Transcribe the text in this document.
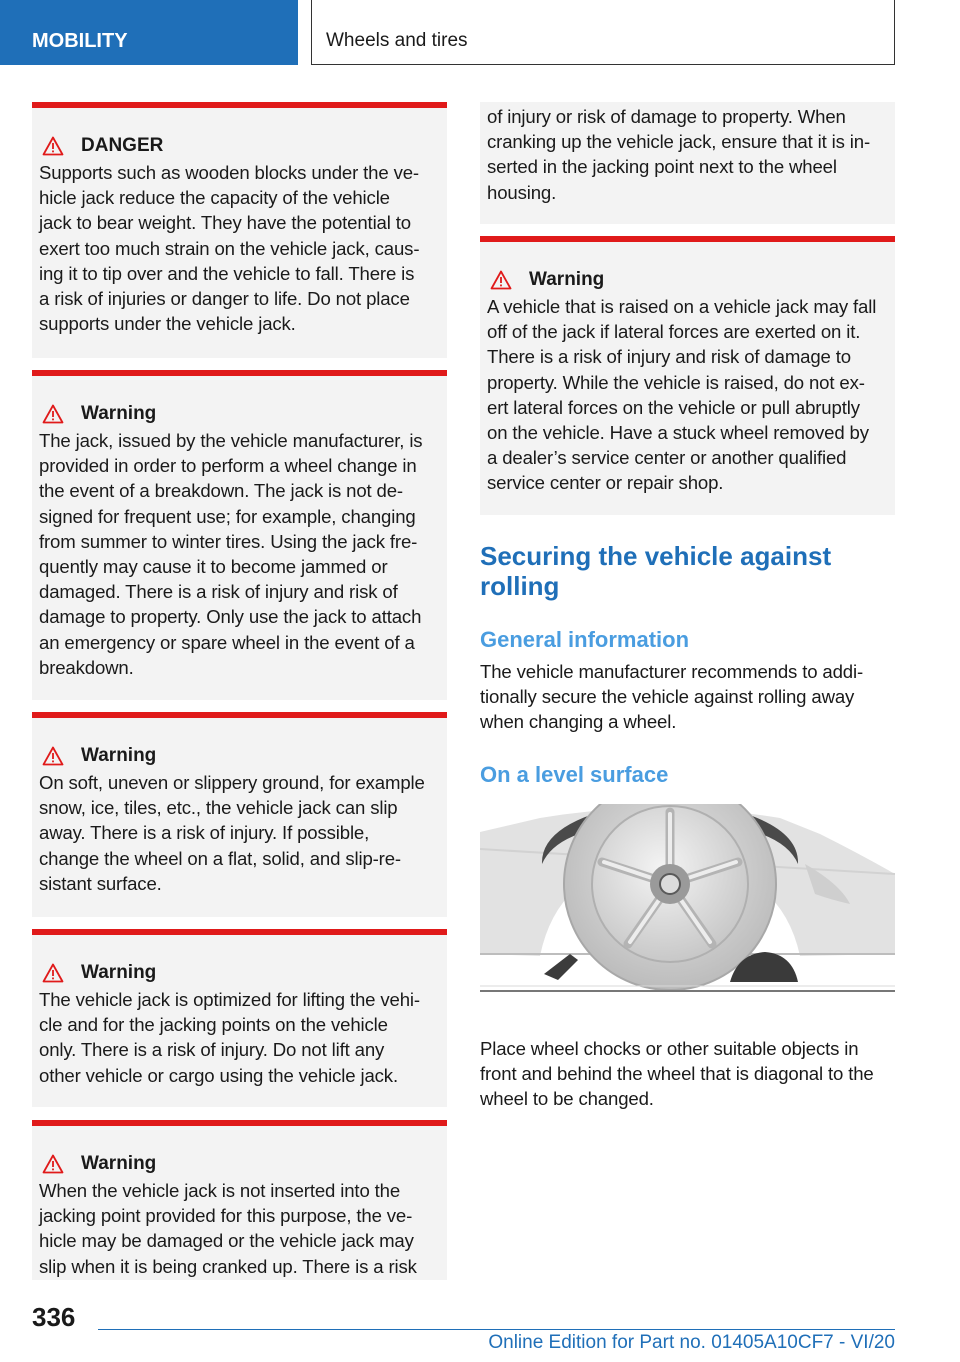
MOBILITY	Wheels and tires
DANGER
Supports such as wooden blocks under the ve-
hicle jack reduce the capacity of the vehicle
jack to bear weight. They have the potential to
exert too much strain on the vehicle jack, caus-
ing it to tip over and the vehicle to fall. There is
a risk of injuries or danger to life. Do not place
supports under the vehicle jack.
Warning
The jack, issued by the vehicle manufacturer, is
provided in order to perform a wheel change in
the event of a breakdown. The jack is not de-
signed for frequent use; for example, changing
from summer to winter tires. Using the jack fre-
quently may cause it to become jammed or
damaged. There is a risk of injury and risk of
damage to property. Only use the jack to attach
an emergency or spare wheel in the event of a
breakdown.
Warning
On soft, uneven or slippery ground, for example
snow, ice, tiles, etc., the vehicle jack can slip
away. There is a risk of injury. If possible,
change the wheel on a flat, solid, and slip-re-
sistant surface.
Warning
The vehicle jack is optimized for lifting the vehi-
cle and for the jacking points on the vehicle
only. There is a risk of injury. Do not lift any
other vehicle or cargo using the vehicle jack.
Warning
When the vehicle jack is not inserted into the
jacking point provided for this purpose, the ve-
hicle may be damaged or the vehicle jack may
slip when it is being cranked up. There is a risk
of injury or risk of damage to property. When
cranking up the vehicle jack, ensure that it is in-
serted in the jacking point next to the wheel
housing.
Warning
A vehicle that is raised on a vehicle jack may fall
off of the jack if lateral forces are exerted on it.
There is a risk of injury and risk of damage to
property. While the vehicle is raised, do not ex-
ert lateral forces on the vehicle or pull abruptly
on the vehicle. Have a stuck wheel removed by
a dealer’s service center or another qualified
service center or repair shop.
Securing the vehicle against
rolling
General information
The vehicle manufacturer recommends to addi-
tionally secure the vehicle against rolling away
when changing a wheel.
On a level surface
Place wheel chocks or other suitable objects in
front and behind the wheel that is diagonal to the
wheel to be changed.
336
Online Edition for Part no. 01405A10CF7 - VI/20
